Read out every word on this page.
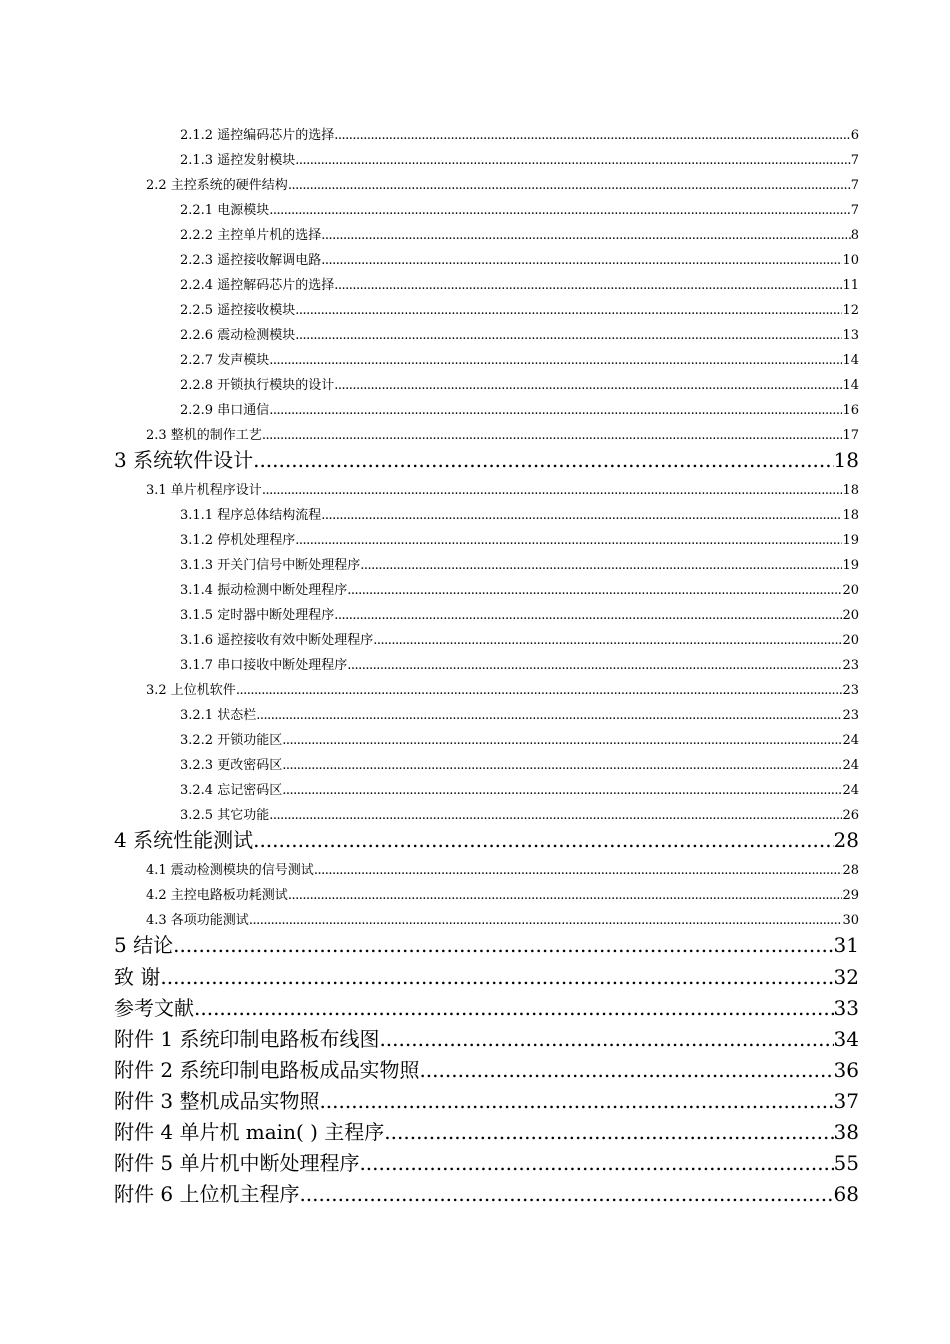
2.1.2 遥控编码芯片的选择 .....	6
2.1.3 遥控发射模块 .....	7
2.2 主控系统的硬件结构 .....	7
2.2.1 电源模块 .....	7
2.2.2 主控单片机的选择 .....	8
2.2.3 遥控接收解调电路 .....	10
2.2.4 遥控解码芯片的选择 .....	11
2.2.5 遥控接收模块 .....	12
2.2.6 震动检测模块 .....	13
2.2.7 发声模块 .....	14
2.2.8 开锁执行模块的设计 .....	14
2.2.9 串口通信 .....	16
2.3 整机的制作工艺 .....	17
3 系统软件设计 .....	18
3.1 单片机程序设计 .....	18
3.1.1 程序总体结构流程 .....	18
3.1.2 停机处理程序 .....	19
3.1.3 开关门信号中断处理程序 .....	19
3.1.4 振动检测中断处理程序 .....	20
3.1.5 定时器中断处理程序 .....	20
3.1.6 遥控接收有效中断处理程序 .....	20
3.1.7 串口接收中断处理程序 .....	23
3.2 上位机软件 .....	23
3.2.1 状态栏 .....	23
3.2.2 开锁功能区 .....	24
3.2.3 更改密码区 .....	24
3.2.4 忘记密码区 .....	24
3.2.5 其它功能 .....	26
4 系统性能测试 .....	28
4.1 震动检测模块的信号测试 .....	28
4.2 主控电路板功耗测试 .....	29
4.3 各项功能测试 .....	30
5 结论 .....	31
致 谢 .....	32
参考文献 .....	33
附件 1 系统印制电路板布线图 .....	34
附件 2 系统印制电路板成品实物照 .....	36
附件 3 整机成品实物照 .....	37
附件 4 单片机 main( ) 主程序 .....	38
附件 5 单片机中断处理程序 .....	55
附件 6 上位机主程序 .....	68
